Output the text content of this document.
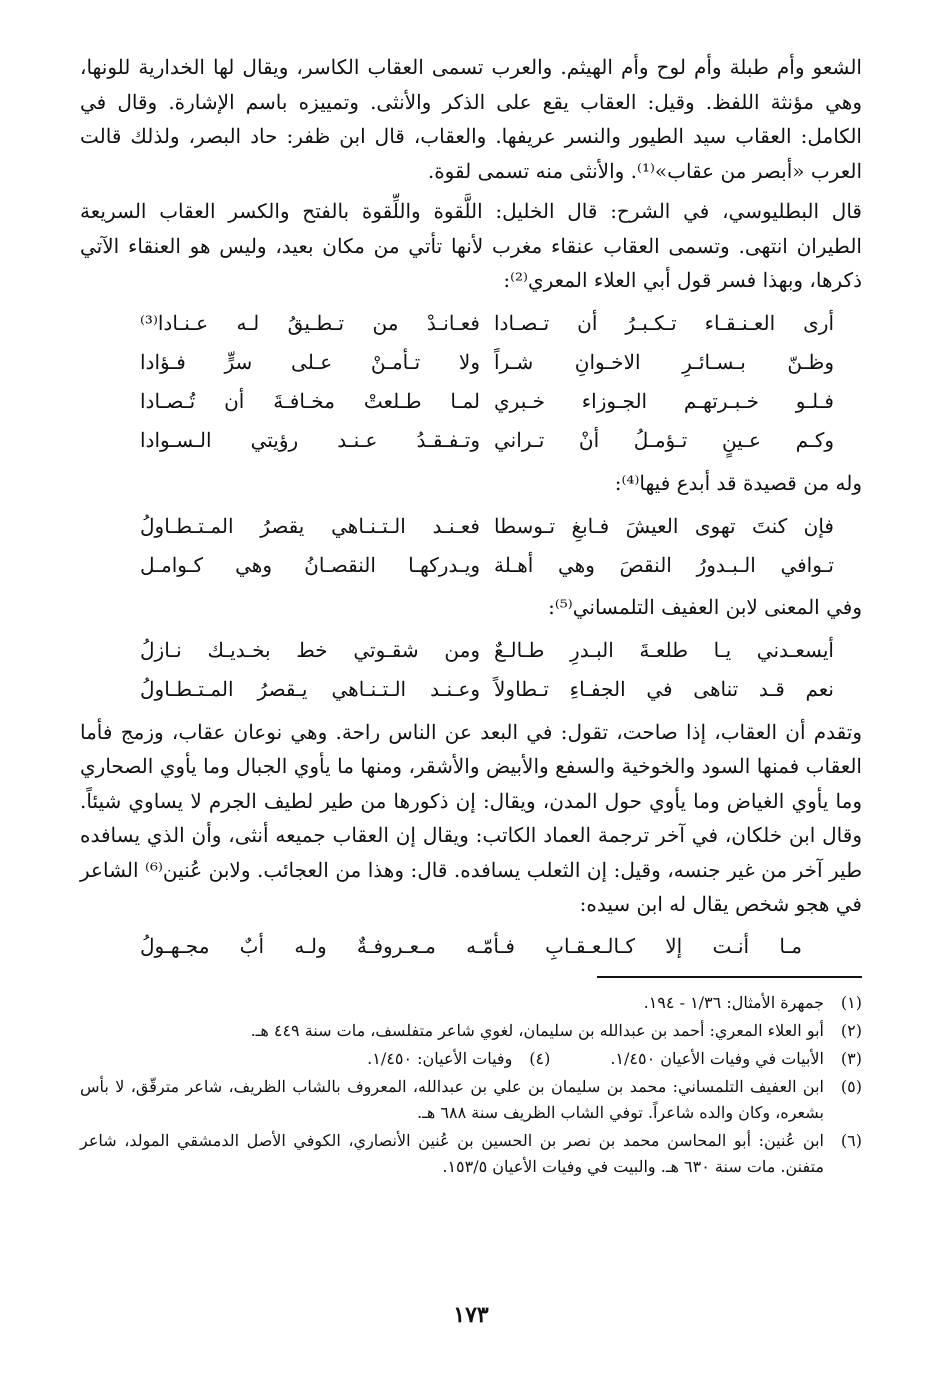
الشعو وأم طبلة وأم لوح وأم الهيثم. والعرب تسمى العقاب الكاسر، ويقال لها الخدارية للونها، وهي مؤنثة اللفظ. وقيل: العقاب يقع على الذكر والأنثى. وتمييزه باسم الإشارة. وقال في الكامل: العقاب سيد الطيور والنسر عريفها. والعقاب، قال ابن ظفر: حاد البصر، ولذلك قالت العرب «أبصر من عقاب»⁽¹⁾. والأنثى منه تسمى لقوة.

قال البطليوسي، في الشرح: قال الخليل: اللَّقوة واللِّقوة بالفتح والكسر العقاب السريعة الطيران انتهى. وتسمى العقاب عنقاء مغرب لأنها تأتي من مكان بعيد، وليس هو العنقاء الآتي ذكرها، وبهذا فسر قول أبي العلاء المعري⁽²⁾:

أرى العـنـقـاء تـكـبـرُ أن تـصـادا
فعـانـدْ من تـطـيقُ لـه عـنـادا⁽³⁾
وظـنّ بـسـائـرِ الاخـوانِ شـراً
ولا تـأمـنْ عـلى سرٍّ فـؤادا
فـلـو خـبـرتهـم الجـوزاء خـبري
لمـا طـلعتْ مخـافـةَ أن تُـصـادا
وكـم عـينٍ تـؤمـلُ أنْ تـراني
وتـفـقـدُ عـنـد رؤيتي الـسـوادا

وله من قصيدة قد أبدع فيها⁽⁴⁾:

فإن كنتَ تهوى العيشَ فـابغِ تـوسطا
فعـنـد الـتـنـاهي يقصرُ المـتـطـاولُ
تـوافي الـبـدورُ النقصَ وهي أهـلة
ويـدركهـا النقصـانُ وهي كـوامـل

وفي المعنى لابن العفيف التلمساني⁽⁵⁾:

أيسعـدني يـا طلعـةَ البـدرِ طـالـعٌ
ومن شقـوتي خط بخـديـك نـازلُ
نعم قـد تناهى في الجفـاءِ تـطاولاً
وعـنـد الـتـنـاهي يـقصرُ المـتـطـاولُ

وتقدم أن العقاب، إذا صاحت، تقول: في البعد عن الناس راحة. وهي نوعان عقاب، وزمج فأما العقاب فمنها السود والخوخية والسفع والأبيض والأشقر، ومنها ما يأوي الجبال وما يأوي الصحاري وما يأوي الغياض وما يأوي حول المدن، ويقال: إن ذكورها من طير لطيف الجرم لا يساوي شيئاً. وقال ابن خلكان، في آخر ترجمة العماد الكاتب: ويقال إن العقاب جميعه أنثى، وأن الذي يسافده طير آخر من غير جنسه، وقيل: إن الثعلب يسافده. قال: وهذا من العجائب. ولابن عُنين⁽⁶⁾ الشاعر في هجو شخص يقال له ابن سيده:

مـا أنـت إلا كـالـعـقـابِ فـأمّـه مـعـروفـةٌ ولـه أبٌ مجـهـولُ
(١)
جمهرة الأمثال: ١/٣٦ - ١٩٤.
(٢)
أبو العلاء المعري: أحمد بن عبدالله بن سليمان، لغوي شاعر متفلسف، مات سنة ٤٤٩ هـ.
(٣)
الأبيات في وفيات الأعيان ١/٤٥٠.
(٤)
وفيات الأعيان: ١/٤٥٠.
(٥)
ابن العفيف التلمساني: محمد بن سليمان بن علي بن عبدالله، المعروف بالشاب الظريف، شاعر مترقّق، لا بأس بشعره، وكان والده شاعراً. توفي الشاب الظريف سنة ٦٨٨ هـ.
(٦)
ابن عُنين: أبو المحاسن محمد بن نصر بن الحسين بن عُنين الأنصاري، الكوفي الأصل الدمشقي المولد، شاعر متفنن. مات سنة ٦٣٠ هـ. والبيت في وفيات الأعيان ١٥٣/٥.
١٧٣
